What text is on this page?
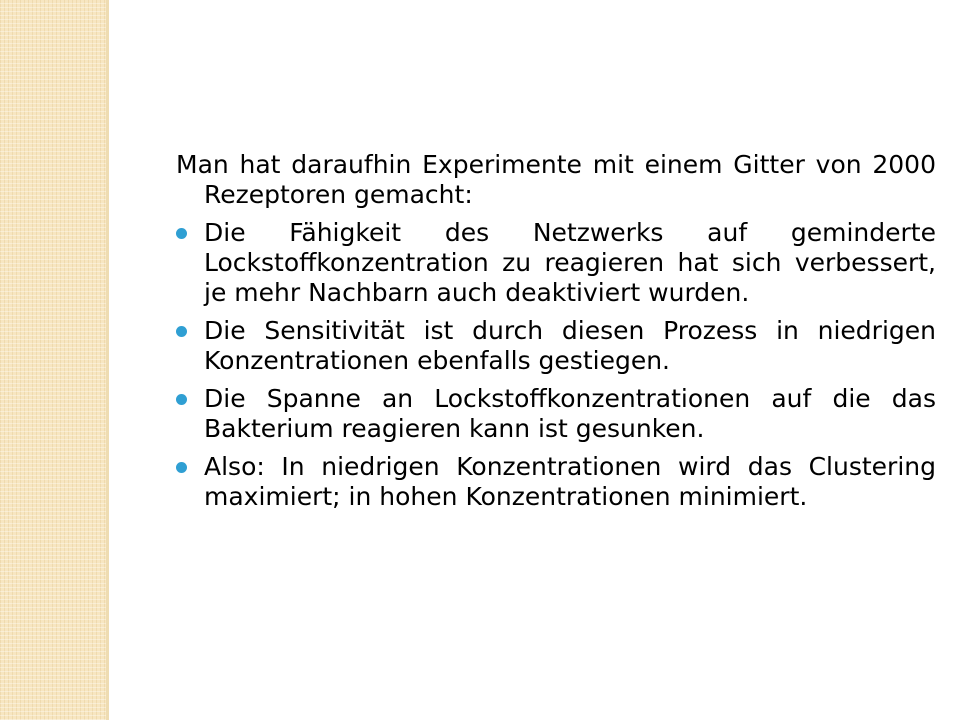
Man hat daraufhin Experimente mit einem Gitter von 2000 Rezeptoren gemacht:

Die Fähigkeit des Netzwerks auf geminderte Lockstoffkonzentration zu reagieren hat sich verbessert, je mehr Nachbarn auch deaktiviert wurden.
Die Sensitivität ist durch diesen Prozess in niedrigen Konzentrationen ebenfalls gestiegen.
Die Spanne an Lockstoffkonzentrationen auf die das Bakterium reagieren kann ist gesunken.
Also: In niedrigen Konzentrationen wird das Clustering maximiert; in hohen Konzentrationen minimiert.
